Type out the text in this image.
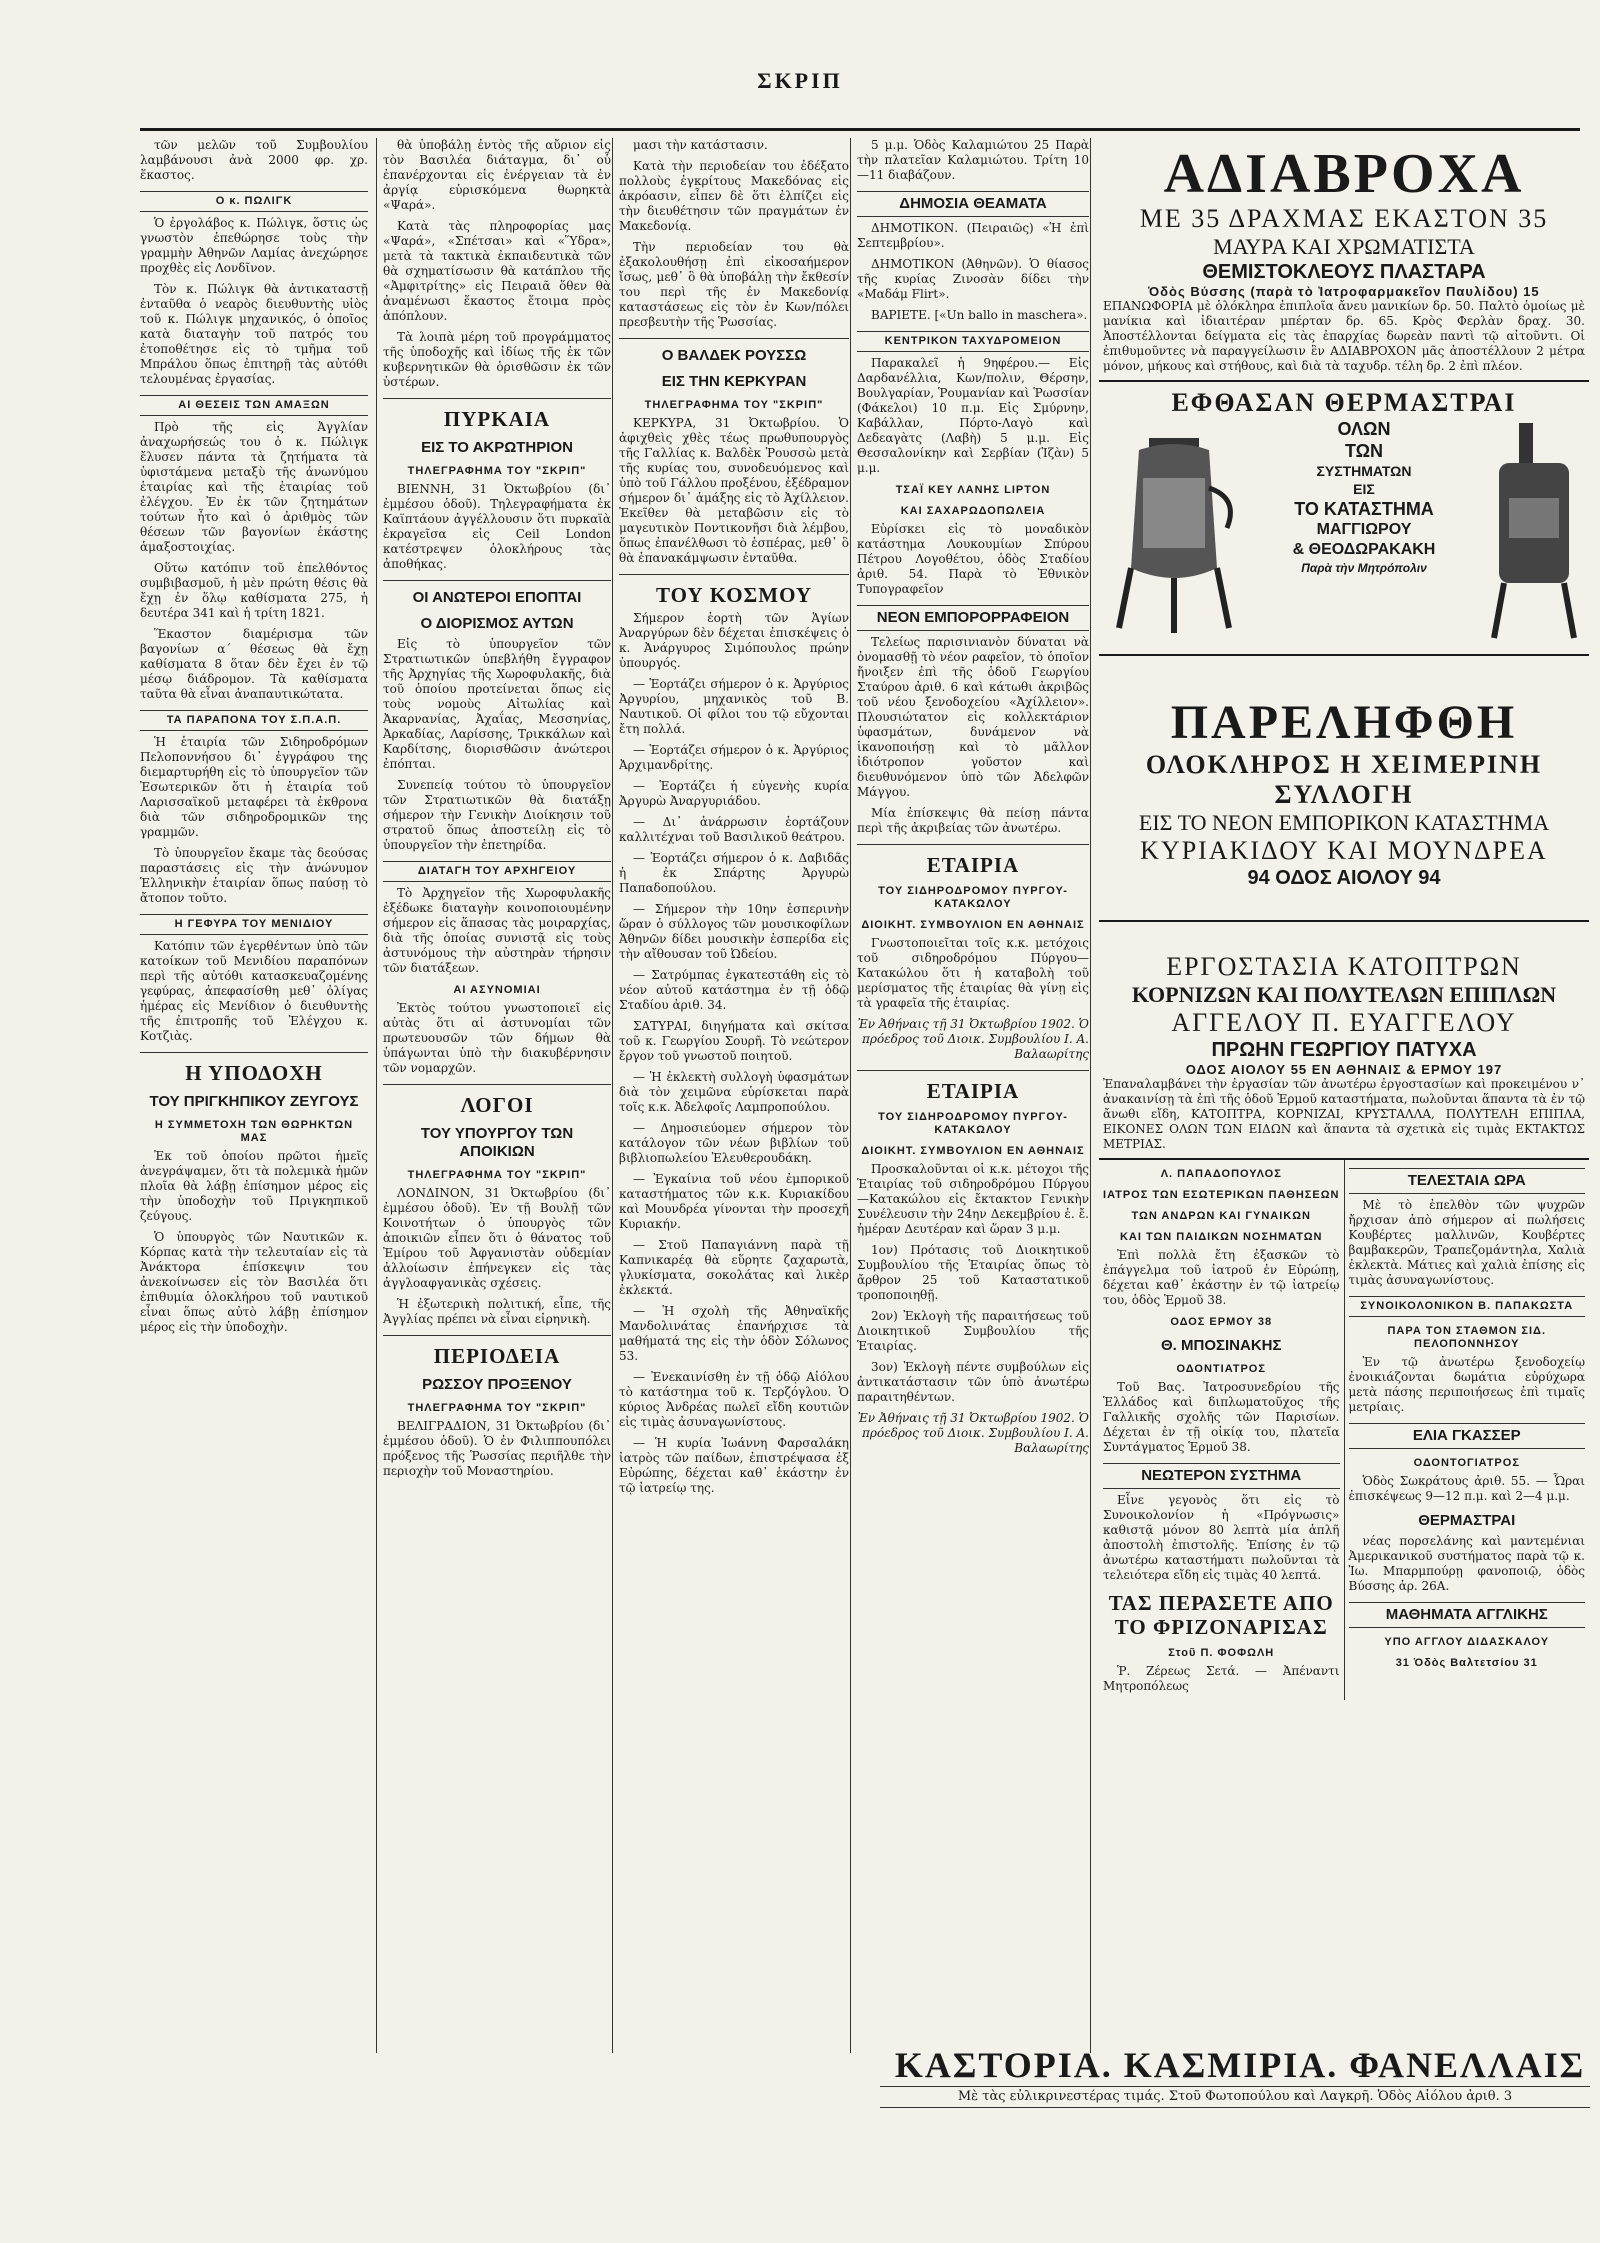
ΣΚΡΙΠ

τῶν μελῶν τοῦ Συμβουλίου λαμβάνουσι ἀνὰ 2000 φρ. χρ. ἕκαστος.

Ο κ. ΠΩΛΙΓΚ

Ὁ ἐργολάβος κ. Πώλιγκ, ὅστις ὡς γνωστὸν ἐπεθώρησε τοὺς τὴν γραμμὴν Ἀθηνῶν Λαμίας ἀνεχώρησε προχθὲς εἰς Λονδῖνον.

Τὸν κ. Πώλιγκ θὰ ἀντικαταστῇ ἐνταῦθα ὁ νεαρὸς διευθυντὴς υἱὸς τοῦ κ. Πώλιγκ μηχανικός, ὁ ὁποῖος κατὰ διαταγὴν τοῦ πατρός του ἐτοποθέτησε εἰς τὸ τμῆμα τοῦ Μπράλου ὅπως ἐπιτηρῇ τὰς αὐτόθι τελουμένας ἐργασίας.

ΑΙ ΘΕΣΕΙΣ ΤΩΝ ΑΜΑΞΩΝ

Πρὸ τῆς εἰς Ἀγγλίαν ἀναχωρήσεώς του ὁ κ. Πώλιγκ ἔλυσεν πάντα τὰ ζητήματα τὰ ὑφιστάμενα μεταξὺ τῆς ἀνωνύμου ἑταιρίας καὶ τῆς ἑταιρίας τοῦ ἐλέγχου. Ἐν ἐκ τῶν ζητημάτων τούτων ἦτο καὶ ὁ ἀριθμὸς τῶν θέσεων τῶν βαγονίων ἑκάστης ἁμαξοστοιχίας.

Οὕτω κατόπιν τοῦ ἐπελθόντος συμβιβασμοῦ, ἡ μὲν πρώτη θέσις θὰ ἔχῃ ἐν ὅλῳ καθίσματα 275, ἡ δευτέρα 341 καὶ ἡ τρίτη 1821.

Ἕκαστον διαμέρισμα τῶν βαγονίων α΄ θέσεως θὰ ἔχῃ καθίσματα 8 ὅταν δὲν ἔχει ἐν τῷ μέσῳ διάδρομον. Τὰ καθίσματα ταῦτα θὰ εἶναι ἀναπαυτικώτατα.

ΤΑ ΠΑΡΑΠΟΝΑ ΤΟΥ Σ.Π.Α.Π.

Ἡ ἑταιρία τῶν Σιδηροδρόμων Πελοποννήσου δι᾿ ἐγγράφου της διεμαρτυρήθη εἰς τὸ ὑπουργεῖον τῶν Ἐσωτερικῶν ὅτι ἡ ἑταιρία τοῦ Λαρισσαϊκοῦ μεταφέρει τὰ ἐκθρονα διὰ τῶν σιδηροδρομικῶν της γραμμῶν.

Τὸ ὑπουργεῖον ἔκαμε τὰς δεούσας παραστάσεις εἰς τὴν ἀνώνυμον Ἑλληνικὴν ἑταιρίαν ὅπως παύσῃ τὸ ἄτοπον τοῦτο.

Η ΓΕΦΥΡΑ ΤΟΥ ΜΕΝΙΔΙΟΥ

Κατόπιν τῶν ἐγερθέντων ὑπὸ τῶν κατοίκων τοῦ Μενιδίου παραπόνων περὶ τῆς αὐτόθι κατασκευαζομένης γεφύρας, ἀπεφασίσθη μεθ᾿ ὀλίγας ἡμέρας εἰς Μενίδιον ὁ διευθυντὴς τῆς ἐπιτροπῆς τοῦ Ἐλέγχου κ. Κοτζιὰς.

Η ΥΠΟΔΟΧΗ
ΤΟΥ ΠΡΙΓΚΗΠΙΚΟΥ ΖΕΥΓΟΥΣ
Η ΣΥΜΜΕΤΟΧΗ ΤΩΝ ΘΩΡΗΚΤΩΝ ΜΑΣ

Ἐκ τοῦ ὁποίου πρῶτοι ἡμεῖς ἀνεγράψαμεν, ὅτι τὰ πολεμικὰ ἡμῶν πλοῖα θὰ λάβῃ ἐπίσημον μέρος εἰς τὴν ὑποδοχὴν τοῦ Πριγκηπικοῦ ζεύγους.

Ὁ ὑπουργὸς τῶν Ναυτικῶν κ. Κόρπας κατὰ τὴν τελευταίαν εἰς τὰ Ἀνάκτορα ἐπίσκεψιν του ἀνεκοίνωσεν εἰς τὸν Βασιλέα ὅτι ἐπιθυμία ὁλοκλήρου τοῦ ναυτικοῦ εἶναι ὅπως αὐτὸ λάβῃ ἐπίσημον μέρος εἰς τὴν ὑποδοχὴν.

θὰ ὑποβάλῃ ἐντὸς τῆς αὔριον εἰς τὸν Βασιλέα διάταγμα, δι᾿ οὗ ἐπανέρχονται εἰς ἐνέργειαν τὰ ἐν ἀργίᾳ εὑρισκόμενα θωρηκτὰ «Ψαρά».

Κατὰ τὰς πληροφορίας μας «Ψαρά», «Σπέτσαι» καὶ «Ὕδρα», μετὰ τὰ τακτικὰ ἐκπαιδευτικὰ τῶν θὰ σχηματίσωσιν θὰ κατάπλου τῆς «Ἀμφιτρίτης» εἰς Πειραιᾶ ὅθεν θὰ ἀναμένωσι ἕκαστος ἕτοιμα πρὸς ἀπόπλουν.

Τὰ λοιπὰ μέρη τοῦ προγράμματος τῆς ὑποδοχῆς καὶ ἰδίως τῆς ἐκ τῶν κυβερνητικῶν θὰ ὁρισθῶσιν ἐκ τῶν ὑστέρων.

ΠΥΡΚΑΙΑ
ΕΙΣ ΤΟ ΑΚΡΩΤΗΡΙΟΝ
ΤΗΛΕΓΡΑΦΗΜΑ ΤΟΥ "ΣΚΡΙΠ"

ΒΙΕΝΝΗ, 31 Ὀκτωβρίου (δι᾿ ἐμμέσου ὁδοῦ). Τηλεγραφήματα ἐκ Καϊπτάουν ἀγγέλλουσιν ὅτι πυρκαϊὰ ἐκραγεῖσα εἰς Ceil London κατέστρεψεν ὁλοκλήρους τὰς ἀποθήκας.

ΟΙ ΑΝΩΤΕΡΟΙ ΕΠΟΠΤΑΙ
Ο ΔΙΟΡΙΣΜΟΣ ΑΥΤΩΝ

Εἰς τὸ ὑπουργεῖον τῶν Στρατιωτικῶν ὑπεβλήθη ἔγγραφον τῆς Ἀρχηγίας τῆς Χωροφυλακῆς, διὰ τοῦ ὁποίου προτείνεται ὅπως εἰς τοὺς νομοὺς Αἰτωλίας καὶ Ἀκαρνανίας, Ἀχαΐας, Μεσσηνίας, Ἀρκαδίας, Λαρίσσης, Τρικκάλων καὶ Καρδίτσης, διορισθῶσιν ἀνώτεροι ἐπόπται.

Συνεπείᾳ τούτου τὸ ὑπουργεῖον τῶν Στρατιωτικῶν θὰ διατάξῃ σήμερον τὴν Γενικὴν Διοίκησιν τοῦ στρατοῦ ὅπως ἀποστείλῃ εἰς τὸ ὑπουργεῖον τὴν ἐπετηρίδα.

ΔΙΑΤΑΓΗ ΤΟΥ ΑΡΧΗΓΕΙΟΥ

Τὸ Ἀρχηγεῖον τῆς Χωροφυλακῆς ἐξέδωκε διαταγὴν κοινοποιουμένην σήμερον εἰς ἅπασας τὰς μοιραρχίας, διὰ τῆς ὁποίας συνιστᾷ εἰς τοὺς ἀστυνόμους τὴν αὐστηρὰν τήρησιν τῶν διατάξεων.

ΑΙ ΑΣΥΝΟΜΙΑΙ

Ἐκτὸς τούτου γνωστοποιεῖ εἰς αὐτὰς ὅτι αἱ ἀστυνομίαι τῶν πρωτευουσῶν τῶν δήμων θὰ ὑπάγωνται ὑπὸ τὴν διακυβέρνησιν τῶν νομαρχῶν.

ΛΟΓΟΙ
ΤΟΥ ΥΠΟΥΡΓΟΥ ΤΩΝ ΑΠΟΙΚΙΩΝ
ΤΗΛΕΓΡΑΦΗΜΑ ΤΟΥ "ΣΚΡΙΠ"

ΛΟΝΔΙΝΟΝ, 31 Ὀκτωβρίου (δι᾿ ἐμμέσου ὁδοῦ). Ἐν τῇ Βουλῇ τῶν Κοινοτήτων ὁ ὑπουργὸς τῶν ἀποικιῶν εἶπεν ὅτι ὁ θάνατος τοῦ Ἐμίρου τοῦ Ἀφγανιστὰν οὐδεμίαν ἀλλοίωσιν ἐπήνεγκεν εἰς τὰς ἀγγλοαφγανικὰς σχέσεις.

Ἡ ἐξωτερικὴ πολιτική, εἶπε, τῆς Ἀγγλίας πρέπει νὰ εἶναι εἰρηνικὴ.

ΠΕΡΙΟΔΕΙΑ
ΡΩΣΣΟΥ ΠΡΟΞΕΝΟΥ
ΤΗΛΕΓΡΑΦΗΜΑ ΤΟΥ "ΣΚΡΙΠ"

ΒΕΛΙΓΡΑΔΙΟΝ, 31 Ὀκτωβρίου (δι᾿ ἐμμέσου ὁδοῦ). Ὁ ἐν Φιλιππουπόλει πρόξενος τῆς Ῥωσσίας περιῆλθε τὴν περιοχὴν τοῦ Μοναστηρίου.

μασι τὴν κατάστασιν.

Κατὰ τὴν περιοδείαν του ἐδέξατο πολλοὺς ἐγκρίτους Μακεδόνας εἰς ἀκρόασιν, εἶπεν δὲ ὅτι ἐλπίζει εἰς τὴν διευθέτησιν τῶν πραγμάτων ἐν Μακεδονίᾳ.

Τὴν περιοδείαν του θὰ ἐξακολουθήσῃ ἐπὶ εἰκοσαήμερον ἴσως, μεθ᾿ ὃ θὰ ὑποβάλῃ τὴν ἔκθεσίν του περὶ τῆς ἐν Μακεδονίᾳ καταστάσεως εἰς τὸν ἐν Κων/πόλει πρεσβευτὴν τῆς Ῥωσσίας.

Ο ΒΑΛΔΕΚ ΡΟΥΣΣΩ
ΕΙΣ ΤΗΝ ΚΕΡΚΥΡΑΝ
ΤΗΛΕΓΡΑΦΗΜΑ ΤΟΥ "ΣΚΡΙΠ"

ΚΕΡΚΥΡΑ, 31 Ὀκτωβρίου. Ὁ ἀφιχθεὶς χθὲς τέως πρωθυπουργὸς τῆς Γαλλίας κ. Βαλδὲκ Ῥουσσὼ μετὰ τῆς κυρίας του, συνοδευόμενος καὶ ὑπὸ τοῦ Γάλλου προξένου, ἐξέδραμον σήμερον δι᾿ ἁμάξης εἰς τὸ Ἀχίλλειον. Ἐκεῖθεν θὰ μεταβῶσιν εἰς τὸ μαγευτικὸν Ποντικονῆσι διὰ λέμβου, ὅπως ἐπανέλθωσι τὸ ἑσπέρας, μεθ᾿ ὃ θὰ ἐπανακάμψωσιν ἐνταῦθα.

ΤΟΥ ΚΟΣΜΟΥ

Σήμερον ἑορτὴ τῶν Ἁγίων Ἀναργύρων δὲν δέχεται ἐπισκέψεις ὁ κ. Ἀνάργυρος Σιμόπουλος πρώην ὑπουργός.

— Ἑορτάζει σήμερον ὁ κ. Ἀργύριος Ἀργυρίου, μηχανικὸς τοῦ Β. Ναυτικοῦ. Οἱ φίλοι του τῷ εὔχονται ἔτη πολλά.

— Ἑορτάζει σήμερον ὁ κ. Ἀργύριος Ἀρχιμανδρίτης.

— Ἑορτάζει ἡ εὐγενὴς κυρία Ἀργυρὼ Ἀναργυριάδου.

— Δι᾿ ἀνάρρωσιν ἑορτάζουν καλλιτέχναι τοῦ Βασιλικοῦ θεάτρου.

— Ἑορτάζει σήμερον ὁ κ. Δαβιδᾶς ἡ ἐκ Σπάρτης Ἀργυρὼ Παπαδοπούλου.

— Σήμερον τὴν 10ην ἑσπερινὴν ὥραν ὁ σύλλογος τῶν μουσικοφίλων Ἀθηνῶν δίδει μουσικὴν ἑσπερίδα εἰς τὴν αἴθουσαν τοῦ Ὠδείου.

— Σατρύμπας ἐγκατεστάθη εἰς τὸ νέον αὐτοῦ κατάστημα ἐν τῇ ὁδῷ Σταδίου ἀριθ. 34.

ΣΑΤΥΡΑΙ, διηγήματα καὶ σκίτσα τοῦ κ. Γεωργίου Σουρῆ. Τὸ νεώτερον ἔργον τοῦ γνωστοῦ ποιητοῦ.

— Ἡ ἐκλεκτὴ συλλογὴ ὑφασμάτων διὰ τὸν χειμῶνα εὑρίσκεται παρὰ τοῖς κ.κ. Ἀδελφοῖς Λαμπροπούλου.

— Δημοσιεύομεν σήμερον τὸν κατάλογον τῶν νέων βιβλίων τοῦ βιβλιοπωλείου Ἐλευθερουδάκη.

— Ἐγκαίνια τοῦ νέου ἐμπορικοῦ καταστήματος τῶν κ.κ. Κυριακίδου καὶ Μουνδρέα γίνονται τὴν προσεχῆ Κυριακήν.

— Στοῦ Παπαγιάννη παρὰ τῇ Καπνικαρέᾳ θὰ εὕρητε ζαχαρωτὰ, γλυκίσματα, σοκολάτας καὶ λικὲρ ἐκλεκτά.

— Ἡ σχολὴ τῆς Ἀθηναϊκῆς Μανδολινάτας ἐπανήρχισε τὰ μαθήματά της εἰς τὴν ὁδὸν Σόλωνος 53.

— Ἐνεκαινίσθη ἐν τῇ ὁδῷ Αἰόλου τὸ κατάστημα τοῦ κ. Τερζόγλου. Ὁ κύριος Ἀνδρέας πωλεῖ εἴδη κουτιῶν εἰς τιμὰς ἀσυναγωνίστους.

— Ἡ κυρία Ἰωάννη Φαρσαλάκη ἰατρὸς τῶν παίδων, ἐπιστρέψασα ἐξ Εὐρώπης, δέχεται καθ᾿ ἑκάστην ἐν τῷ ἰατρείῳ της.

5 μ.μ. Ὁδὸς Καλαμιώτου 25 Παρὰ τὴν πλατεῖαν Καλαμιώτου. Τρίτη 10—11 διαβάζουν.

ΔΗΜΟΣΙΑ ΘΕΑΜΑΤΑ

ΔΗΜΟΤΙΚΟΝ. (Πειραιῶς) «Ἡ ἐπὶ Σεπτεμβρίου».

ΔΗΜΟΤΙΚΟΝ (Ἀθηνῶν). Ὁ θίασος τῆς κυρίας Ζινοσὰν δίδει τὴν «Μαδάμ Flirt».

ΒΑΡΙΕΤΕ. [«Un ballo in maschera».

ΚΕΝΤΡΙΚΟΝ ΤΑΧΥΔΡΟΜΕΙΟΝ

Παρακαλεῖ ἡ 9ηφέρου.— Εἰς Δαρδανέλλια, Κων/πολιν, Θέρσην, Βουλγαρίαν, Ῥουμανίαν καὶ Ῥωσσίαν (Φάκελοι) 10 π.μ. Εἰς Σμύρνην, Καβάλλαν, Πόρτο-Λαγὸ καὶ Δεδεαγὰτς (Λαβὴ) 5 μ.μ. Εἰς Θεσσαλονίκην καὶ Σερβίαν (Ἱζὰν) 5 μ.μ.

ΤΣΑΪ ΚΕΥ ΛΑΝΗΣ LIPTON
ΚΑΙ ΣΑΧΑΡΩΔΟΠΩΛΕΙΑ

Εὑρίσκει εἰς τὸ μοναδικὸν κατάστημα Λουκουμίων Σπύρου Πέτρου Λογοθέτου, ὁδὸς Σταδίου ἀριθ. 54. Παρὰ τὸ Ἐθνικὸν Τυπογραφεῖον

ΝΕΟΝ ΕΜΠΟΡΟΡΡΑΦΕΙΟΝ

Τελείως παρισινιανὸν δύναται νὰ ὀνομασθῇ τὸ νέον ραφεῖον, τὸ ὁποῖον ἤνοιξεν ἐπὶ τῆς ὁδοῦ Γεωργίου Σταύρου ἀριθ. 6 καὶ κάτωθι ἀκριβῶς τοῦ νέου ξενοδοχείου «Ἀχίλλειον». Πλουσιώτατον εἰς κολλεκτάριον ὑφασμάτων, δυνάμενον νὰ ἱκανοποιήσῃ καὶ τὸ μᾶλλον ἰδιότροπον γοῦστον καὶ διευθυνόμενον ὑπὸ τῶν Ἀδελφῶν Μάγγου.

Μία ἐπίσκεψις θὰ πείσῃ πάντα περὶ τῆς ἀκριβείας τῶν ἀνωτέρω.

ΕΤΑΙΡΙΑ
ΤΟΥ ΣΙΔΗΡΟΔΡΟΜΟΥ ΠΥΡΓΟΥ-ΚΑΤΑΚΩΛΟΥ
ΔΙΟΙΚΗΤ. ΣΥΜΒΟΥΛΙΟΝ ΕΝ ΑΘΗΝΑΙΣ

Γνωστοποιεῖται τοῖς κ.κ. μετόχοις τοῦ σιδηροδρόμου Πύργου—Κατακώλου ὅτι ἡ καταβολὴ τοῦ μερίσματος τῆς ἑταιρίας θὰ γίνῃ εἰς τὰ γραφεῖα τῆς ἑταιρίας.

Ἐν Ἀθήναις τῇ 31 Ὀκτωβρίου 1902. Ὁ πρόεδρος τοῦ Διοικ. Συμβουλίου Ι. Α. Βαλαωρίτης

ΕΤΑΙΡΙΑ
ΤΟΥ ΣΙΔΗΡΟΔΡΟΜΟΥ ΠΥΡΓΟΥ-ΚΑΤΑΚΩΛΟΥ
ΔΙΟΙΚΗΤ. ΣΥΜΒΟΥΛΙΟΝ ΕΝ ΑΘΗΝΑΙΣ

Προσκαλοῦνται οἱ κ.κ. μέτοχοι τῆς Ἑταιρίας τοῦ σιδηροδρόμου Πύργου—Κατακώλου εἰς ἔκτακτον Γενικὴν Συνέλευσιν τὴν 24ην Δεκεμβρίου ἐ. ἔ. ἡμέραν Δευτέραν καὶ ὥραν 3 μ.μ.

1ον) Πρότασις τοῦ Διοικητικοῦ Συμβουλίου τῆς Ἑταιρίας ὅπως τὸ ἄρθρον 25 τοῦ Καταστατικοῦ τροποποιηθῇ.

2ον) Ἐκλογὴ τῆς παραιτήσεως τοῦ Διοικητικοῦ Συμβουλίου τῆς Ἑταιρίας.

3ον) Ἐκλογὴ πέντε συμβούλων εἰς ἀντικατάστασιν τῶν ὑπὸ ἀνωτέρω παραιτηθέντων.

Ἐν Ἀθήναις τῇ 31 Ὀκτωβρίου 1902. Ὁ πρόεδρος τοῦ Διοικ. Συμβουλίου Ι. Α. Βαλαωρίτης

ΑΔΙΑΒΡΟΧΑ
ΜΕ 35 ΔΡΑΧΜΑΣ ΕΚΑΣΤΟΝ 35
ΜΑΥΡΑ ΚΑΙ ΧΡΩΜΑΤΙΣΤΑ
ΘΕΜΙΣΤΟΚΛΕΟΥΣ ΠΛΑΣΤΑΡΑ
Ὁδὸς Βύσσης (παρὰ τὸ Ἰατροφαρμακεῖον Παυλίδου) 15
ΕΠΑΝΩΦΟΡΙΑ μὲ ὁλόκληρα ἐπιπλοῖα ἄνευ μανικίων δρ. 50. Παλτὸ ὁμοίως μὲ μανίκια καὶ ἰδιαιτέραν μπέρταν δρ. 65. Κρὸς Φερλὰν δραχ. 30. Ἀποστέλλονται δείγματα εἰς τὰς ἐπαρχίας δωρεὰν παντὶ τῷ αἰτοῦντι. Οἱ ἐπιθυμοῦντες νὰ παραγγείλωσιν ἓν ΑΔΙΑΒΡΟΧΟΝ μᾶς ἀποστέλλουν 2 μέτρα μόνον, μήκους καὶ στήθους, καὶ διὰ τὰ ταχυδρ. τέλη δρ. 2 ἐπὶ πλέον.
ΕΦΘΑΣΑΝ ΘΕΡΜΑΣΤΡΑΙ
ΟΛΩΝ
ΤΩΝ
ΣΥΣΤΗΜΑΤΩΝ
ΕΙΣ
ΤΟ ΚΑΤΑΣΤΗΜΑ
ΜΑΓΓΙΩΡΟΥ
& ΘΕΟΔΩΡΑΚΑΚΗ
Παρὰ τὴν Μητρόπολιν
ΠΑΡΕΛΗΦΘΗ
ΟΛΟΚΛΗΡΟΣ Η ΧΕΙΜΕΡΙΝΗ ΣΥΛΛΟΓΗ
ΕΙΣ ΤΟ ΝΕΟΝ ΕΜΠΟΡΙΚΟΝ ΚΑΤΑΣΤΗΜΑ
ΚΥΡΙΑΚΙΔΟΥ ΚΑΙ ΜΟΥΝΔΡΕΑ
94 ΟΔΟΣ ΑΙΟΛΟΥ 94
ΕΡΓΟΣΤΑΣΙΑ ΚΑΤΟΠΤΡΩΝ
ΚΟΡΝΙΖΩΝ ΚΑΙ ΠΟΛΥΤΕΛΩΝ ΕΠΙΠΛΩΝ
ΑΓΓΕΛΟΥ Π. ΕΥΑΓΓΕΛΟΥ
ΠΡΩΗΝ ΓΕΩΡΓΙΟΥ ΠΑΤΥΧΑ
ΟΔΟΣ ΑΙΟΛΟΥ 55 ΕΝ ΑΘΗΝΑΙΣ & ΕΡΜΟΥ 197
Ἐπαναλαμβάνει τὴν ἐργασίαν τῶν ἀνωτέρω ἐργοστασίων καὶ προκειμένου ν᾿ ἀνακαινίσῃ τὰ ἐπὶ τῆς ὁδοῦ Ἑρμοῦ καταστήματα, πωλοῦνται ἅπαντα τὰ ἐν τῷ ἄνωθι εἴδη, ΚΑΤΟΠΤΡΑ, ΚΟΡΝΙΖΑΙ, ΚΡΥΣΤΑΛΛΑ, ΠΟΛΥΤΕΛΗ ΕΠΙΠΛΑ, ΕΙΚΟΝΕΣ ΟΛΩΝ ΤΩΝ ΕΙΔΩΝ καὶ ἅπαντα τὰ σχετικὰ εἰς τιμὰς ΕΚΤΑΚΤΩΣ ΜΕΤΡΙΑΣ.
Λ. ΠΑΠΑΔΟΠΟΥΛΟΣ
ΙΑΤΡΟΣ ΤΩΝ ΕΣΩΤΕΡΙΚΩΝ ΠΑΘΗΣΕΩΝ
ΤΩΝ ΑΝΔΡΩΝ ΚΑΙ ΓΥΝΑΙΚΩΝ
ΚΑΙ ΤΩΝ ΠΑΙΔΙΚΩΝ ΝΟΣΗΜΑΤΩΝ

Ἐπὶ πολλὰ ἔτη ἐξασκῶν τὸ ἐπάγγελμα τοῦ ἰατροῦ ἐν Εὐρώπῃ, δέχεται καθ᾿ ἑκάστην ἐν τῷ ἰατρείῳ του, ὁδὸς Ἑρμοῦ 38.

ΟΔΟΣ ΕΡΜΟΥ 38
Θ. ΜΠΟΣΙΝΑΚΗΣ
ΟΔΟΝΤΙΑΤΡΟΣ

Τοῦ Βας. Ἰατροσυνεδρίου τῆς Ἑλλάδος καὶ διπλωματοῦχος τῆς Γαλλικῆς σχολῆς τῶν Παρισίων. Δέχεται ἐν τῇ οἰκίᾳ του, πλατεῖα Συντάγματος Ἑρμοῦ 38.

ΝΕΩΤΕΡΟΝ ΣΥΣΤΗΜΑ

Εἶνε γεγονὸς ὅτι εἰς τὸ Συνοικολονίον ἡ «Πρόγνωσις» καθιστᾷ μόνον 80 λεπτὰ μία ἁπλῆ ἀποστολὴ ἐπιστολῆς. Ἐπίσης ἐν τῷ ἀνωτέρω καταστήματι πωλοῦνται τὰ τελειότερα εἴδη εἰς τιμὰς 40 λεπτά.

ΤΑΣ ΠΕΡΑΣΕΤΕ ΑΠΟ ΤΟ ΦΡΙΖΟΝΑΡΙΣΑΣ
Στοῦ Π. ΦΟΦΩΛΗ

Ῥ. Ζέρεως Σετά. — Ἀπέναντι Μητροπόλεως

ΤΕΛΕΣΤΑΙΑ ΩΡΑ

Μὲ τὸ ἐπελθὸν τῶν ψυχρῶν ἤρχισαν ἀπὸ σήμερον αἱ πωλήσεις Κουβέρτες μαλλινῶν, Κουβέρτες βαμβακερῶν, Τραπεζομάντηλα, Χαλιὰ ἐκλεκτὰ. Μάτιες καὶ χαλιὰ ἐπίσης εἰς τιμὰς ἀσυναγωνίστους.

ΣΥΝΟΙΚΟΛΟΝΙΚΟΝ Β. ΠΑΠΑΚΩΣΤΑ
ΠΑΡΑ ΤΟΝ ΣΤΑΘΜΟΝ ΣΙΔ. ΠΕΛΟΠΟΝΝΗΣΟΥ

Ἐν τῷ ἀνωτέρω ξενοδοχείῳ ἐνοικιάζονται δωμάτια εὐρύχωρα μετὰ πάσης περιποιήσεως ἐπὶ τιμαῖς μετρίαις.

ΕΛΙΑ ΓΚΑΣΣΕΡ
ΟΔΟΝΤΟΓΙΑΤΡΟΣ

Ὁδὸς Σωκράτους ἀριθ. 55. — Ὧραι ἐπισκέψεως 9—12 π.μ. καὶ 2—4 μ.μ.

ΘΕΡΜΑΣΤΡΑΙ

νέας πορσελάνης καὶ μαντεμένιαι Ἀμερικανικοῦ συστήματος παρὰ τῷ κ. Ἰω. Μπαρμπούρῃ φανοποιῷ, ὁδὸς Βύσσης ἀρ. 26Α.

ΜΑΘΗΜΑΤΑ ΑΓΓΛΙΚΗΣ
ΥΠΟ ΑΓΓΛΟΥ ΔΙΔΑΣΚΑΛΟΥ
31 Ὁδὸς Βαλτετσίου 31
ΚΑΣΤΟΡΙΑ. ΚΑΣΜΙΡΙΑ. ΦΑΝΕΛΛΑΙΣ
Μὲ τὰς εὐλικρινεστέρας τιμάς. Στοῦ Φωτοπούλου καὶ Λαγκρῆ. Ὁδὸς Αἰόλου ἀριθ. 3
